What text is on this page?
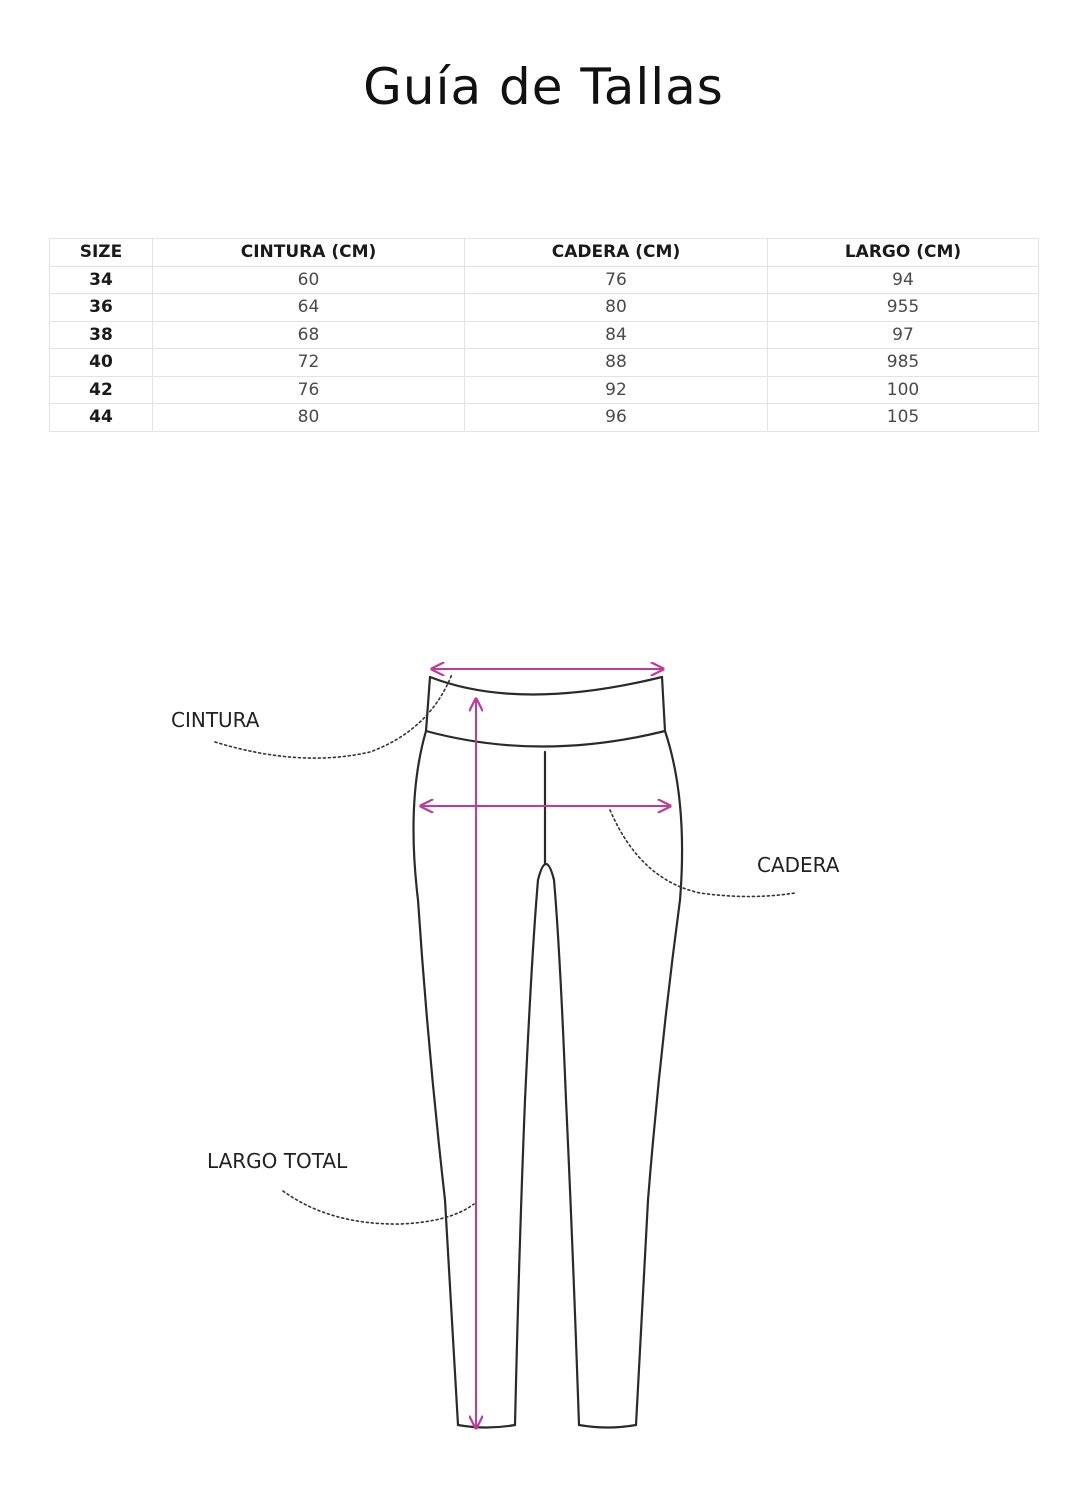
Guía de Tallas
SIZE	CINTURA (CM)	CADERA (CM)	LARGO (CM)
34	60	76	94
36	64	80	955
38	68	84	97
40	72	88	985
42	76	92	100
44	80	96	105
CINTURA
CADERA
LARGO TOTAL
